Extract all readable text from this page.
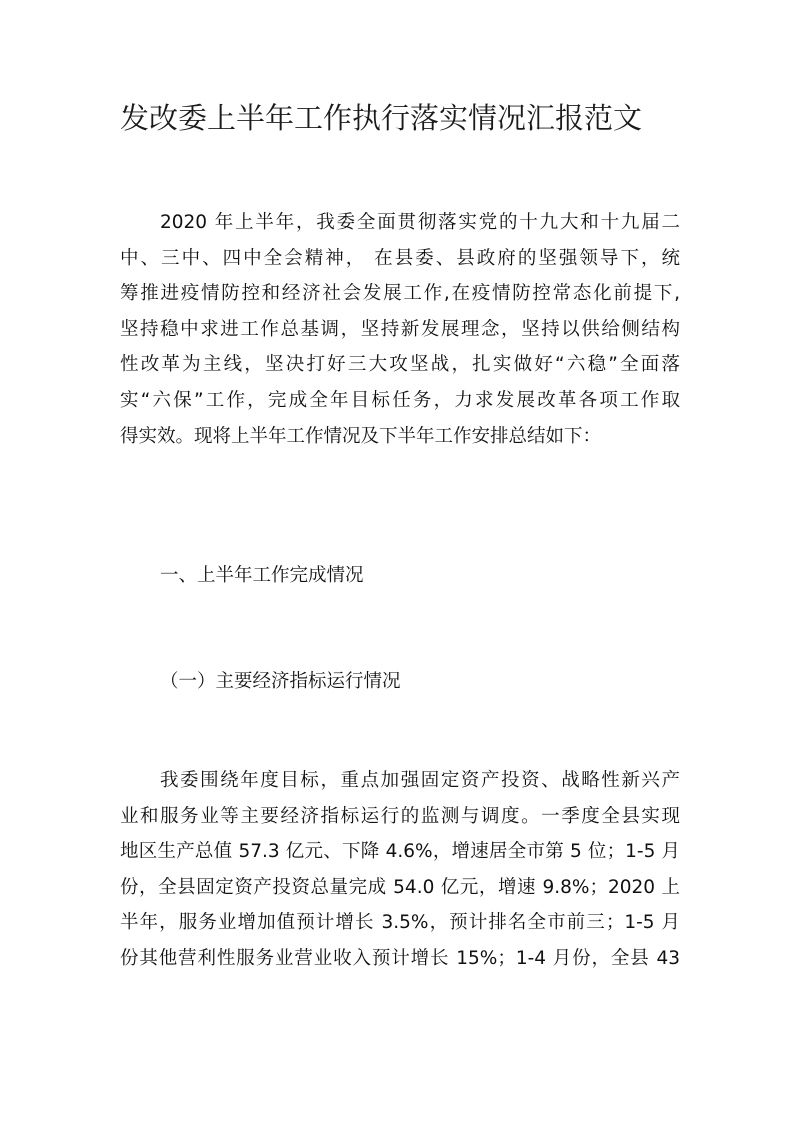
发改委上半年工作执行落实情况汇报范文
2020 年上半年，我委全面贯彻落实党的十九大和十九届二
中、三中、四中全会精神， 在县委、县政府的坚强领导下，统
筹推进疫情防控和经济社会发展工作,在疫情防控常态化前提下,
坚持稳中求进工作总基调，坚持新发展理念，坚持以供给侧结构
性改革为主线，坚决打好三大攻坚战，扎实做好“六稳”全面落
实“六保”工作，完成全年目标任务，力求发展改革各项工作取
得实效。现将上半年工作情况及下半年工作安排总结如下：
一、上半年工作完成情况
（一）主要经济指标运行情况
我委围绕年度目标，重点加强固定资产投资、战略性新兴产
业和服务业等主要经济指标运行的监测与调度。一季度全县实现
地区生产总值 57.3 亿元、下降 4.6%，增速居全市第 5 位；1-5 月
份，全县固定资产投资总量完成 54.0 亿元，增速 9.8%；2020 上
半年，服务业增加值预计增长 3.5%，预计排名全市前三；1-5 月
份其他营利性服务业营业收入预计增长 15%；1-4 月份，全县 43
